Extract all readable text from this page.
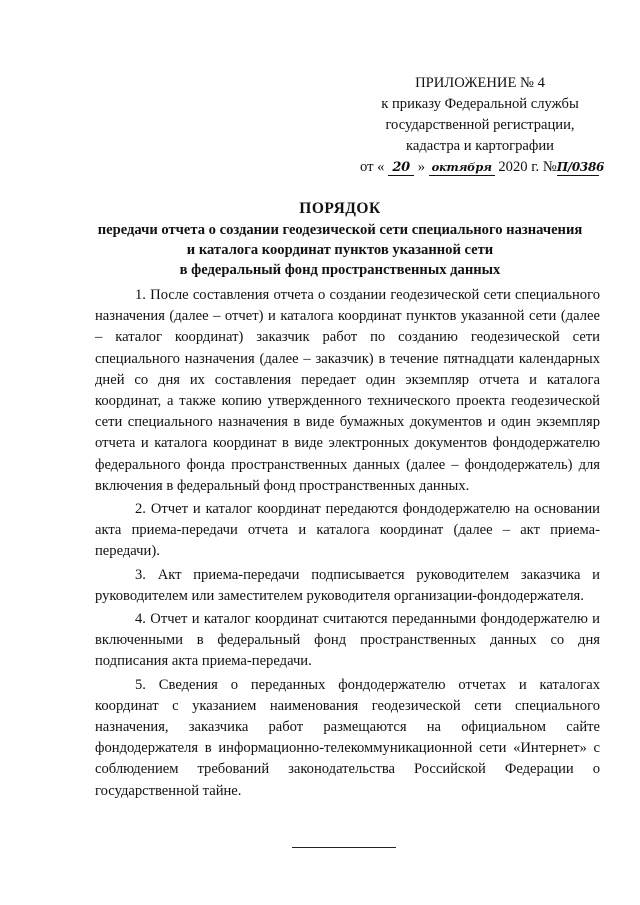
ПРИЛОЖЕНИЕ № 4
к приказу Федеральной службы
государственной регистрации,
кадастра и картографии
от « 20 » октября 2020 г. №П/0386
ПОРЯДОК
передачи отчета о создании геодезической сети специального назначения
и каталога координат пунктов указанной сети
в федеральный фонд пространственных данных

1. После составления отчета о создании геодезической сети специального назначения (далее – отчет) и каталога координат пунктов указанной сети (далее – каталог координат) заказчик работ по созданию геодезической сети специального назначения (далее – заказчик) в течение пятнадцати календарных дней со дня их составления передает один экземпляр отчета и каталога координат, а также копию утвержденного технического проекта геодезической сети специального назначения в виде бумажных документов и один экземпляр отчета и каталога координат в виде электронных документов фондодержателю федерального фонда пространственных данных (далее – фондодержатель) для включения в федеральный фонд пространственных данных.

2. Отчет и каталог координат передаются фондодержателю на основании акта приема-передачи отчета и каталога координат (далее – акт приема-передачи).

3. Акт приема-передачи подписывается руководителем заказчика и руководителем или заместителем руководителя организации-фондодержателя.

4. Отчет и каталог координат считаются переданными фондодержателю и включенными в федеральный фонд пространственных данных со дня подписания акта приема-передачи.

5. Сведения о переданных фондодержателю отчетах и каталогах координат с указанием наименования геодезической сети специального назначения, заказчика работ размещаются на официальном сайте фондодержателя в информационно-телекоммуникационной сети «Интернет» с соблюдением требований законодательства Российской Федерации о государственной тайне.
